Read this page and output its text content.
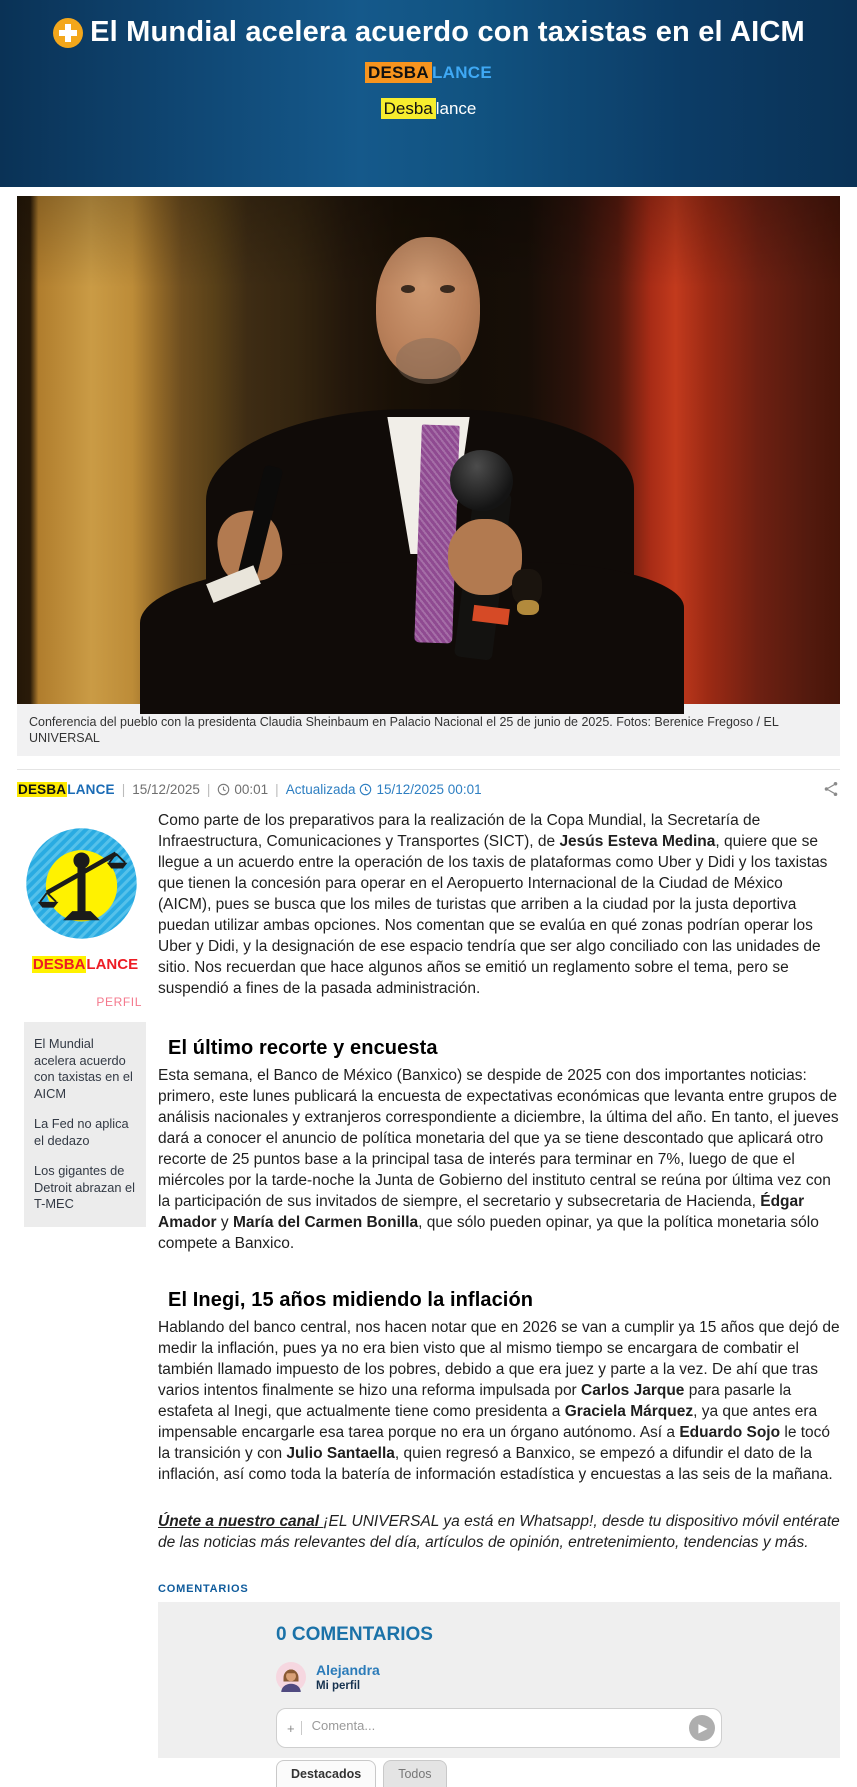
El Mundial acelera acuerdo con taxistas en el AICM
DESBA LANCE
Desba lance
Conferencia del pueblo con la presidenta Claudia Sheinbaum en Palacio Nacional el 25 de junio de 2025. Fotos: Berenice Fregoso / EL UNIVERSAL
DESBALANCE | 15/12/2025 | 00:01 | Actualizada 15/12/2025 00:01
DESBALANCE
PERFIL
El Mundial acelera acuerdo con taxistas en el AICM
La Fed no aplica el dedazo
Los gigantes de Detroit abrazan el T-MEC

Como parte de los preparativos para la realización de la Copa Mundial, la Secretaría de Infraestructura, Comunicaciones y Transportes (SICT), de Jesús Esteva Medina, quiere que se llegue a un acuerdo entre la operación de los taxis de plataformas como Uber y Didi y los taxistas que tienen la concesión para operar en el Aeropuerto Internacional de la Ciudad de México (AICM), pues se busca que los miles de turistas que arriben a la ciudad por la justa deportiva puedan utilizar ambas opciones. Nos comentan que se evalúa en qué zonas podrían operar los Uber y Didi, y la designación de ese espacio tendría que ser algo conciliado con las unidades de sitio. Nos recuerdan que hace algunos años se emitió un reglamento sobre el tema, pero se suspendió a fines de la pasada administración.

El último recorte y encuesta

Esta semana, el Banco de México (Banxico) se despide de 2025 con dos importantes noticias: primero, este lunes publicará la encuesta de expectativas económicas que levanta entre grupos de análisis nacionales y extranjeros correspondiente a diciembre, la última del año. En tanto, el jueves dará a conocer el anuncio de política monetaria del que ya se tiene descontado que aplicará otro recorte de 25 puntos base a la principal tasa de interés para terminar en 7%, luego de que el miércoles por la tarde-noche la Junta de Gobierno del instituto central se reúna por última vez con la participación de sus invitados de siempre, el secretario y subsecretaria de Hacienda, Édgar Amador y María del Carmen Bonilla, que sólo pueden opinar, ya que la política monetaria sólo compete a Banxico.

El Inegi, 15 años midiendo la inflación

Hablando del banco central, nos hacen notar que en 2026 se van a cumplir ya 15 años que dejó de medir la inflación, pues ya no era bien visto que al mismo tiempo se encargara de combatir el también llamado impuesto de los pobres, debido a que era juez y parte a la vez. De ahí que tras varios intentos finalmente se hizo una reforma impulsada por Carlos Jarque para pasarle la estafeta al Inegi, que actualmente tiene como presidenta a Graciela Márquez, ya que antes era impensable encargarle esa tarea porque no era un órgano autónomo. Así a Eduardo Sojo le tocó la transición y con Julio Santaella, quien regresó a Banxico, se empezó a difundir el dato de la inflación, así como toda la batería de información estadística y encuestas a las seis de la mañana.

Únete a nuestro canal ¡EL UNIVERSAL ya está en Whatsapp!, desde tu dispositivo móvil entérate de las noticias más relevantes del día, artículos de opinión, entretenimiento, tendencias y más.

COMENTARIOS
0 COMENTARIOS
Alejandra
Mi perfil
+
Comenta...	▶
Destacados	Todos
